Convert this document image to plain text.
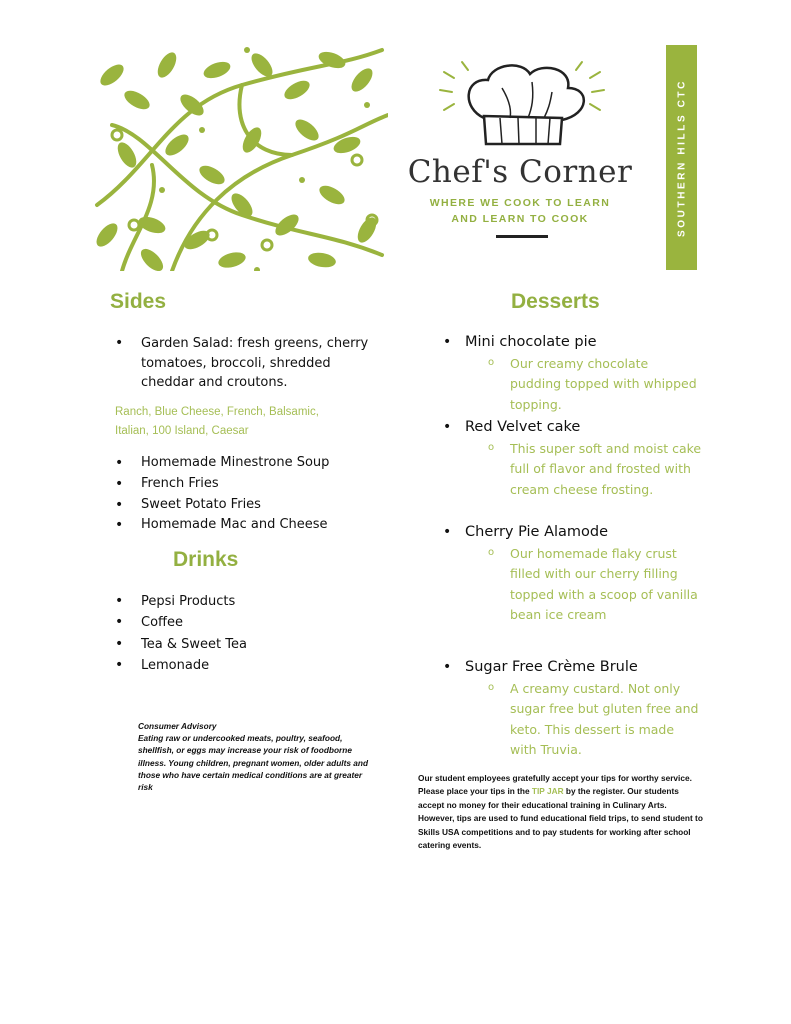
Chef's Corner
WHERE WE COOK TO LEARN
AND LEARN TO COOK	SOUTHERN HILLS CTC
Sides
• Garden Salad: fresh greens, cherry tomatoes, broccoli, shredded cheddar and croutons.
Ranch, Blue Cheese, French, Balsamic,
Italian, 100 Island, Caesar
• Homemade Minestrone Soup
• French Fries
• Sweet Potato Fries
• Homemade Mac and Cheese
Drinks
• Pepsi Products
• Coffee
• Tea & Sweet Tea
• Lemonade
Desserts
• Mini chocolate pie
o Our creamy chocolate pudding topped with whipped topping.
• Red Velvet cake
o This super soft and moist cake full of flavor and frosted with cream cheese frosting.
• Cherry Pie Alamode
o Our homemade flaky crust filled with our cherry filling topped with a scoop of vanilla bean ice cream
• Sugar Free Crème Brule
o A creamy custard. Not only sugar free but gluten free and keto. This dessert is made with Truvia.
Consumer Advisory
Eating raw or undercooked meats, poultry, seafood, shellfish, or eggs may increase your risk of foodborne illness. Young children, pregnant women, older adults and those who have certain medical conditions are at greater risk
Our student employees gratefully accept your tips for worthy service. Please place your tips in the TIP JAR by the register. Our students accept no money for their educational training in Culinary Arts. However, tips are used to fund educational field trips, to send student to Skills USA competitions and to pay students for working after school catering events.
